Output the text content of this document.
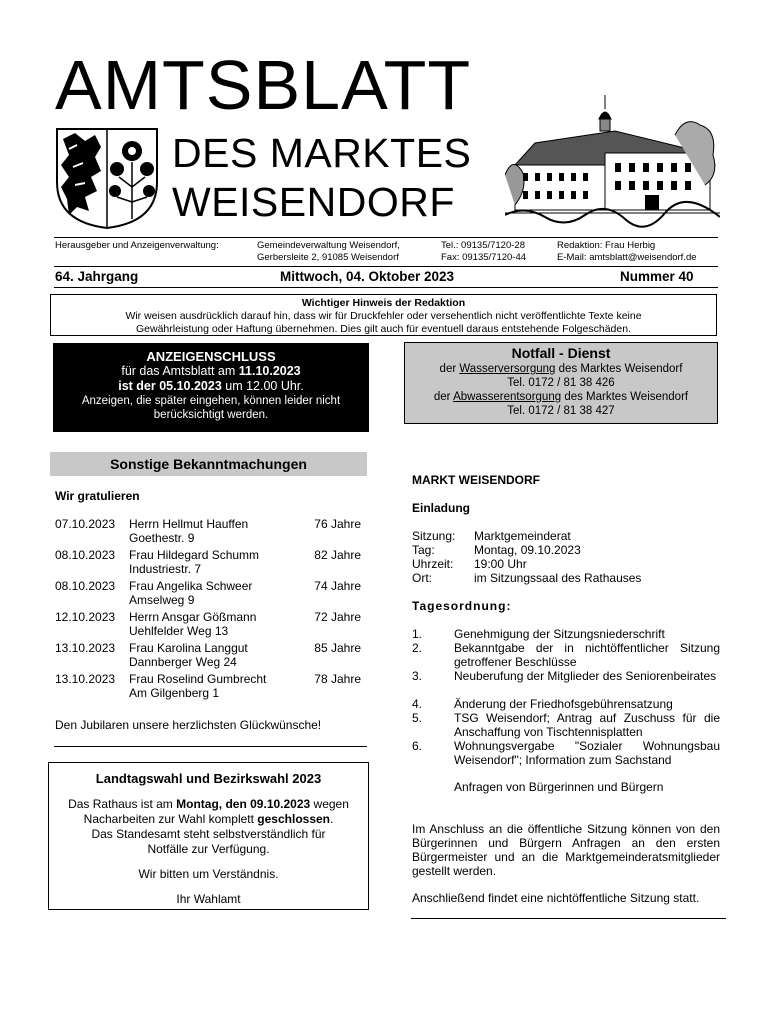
AMTSBLATT
DES MARKTES
WEISENDORF
Herausgeber und Anzeigenverwaltung:	Gemeindeverwaltung Weisendorf,
Gerbersleite 2, 91085 Weisendorf
Tel.: 09135/7120-28
Fax: 09135/7120-44
Redaktion: Frau Herbig
E-Mail: amtsblatt@weisendorf.de
64. Jahrgang	Mittwoch, 04. Oktober 2023	Nummer 40
Wichtiger Hinweis der Redaktion
Wir weisen ausdrücklich darauf hin, dass wir für Druckfehler oder versehentlich nicht veröffentlichte Texte keine
Gewährleistung oder Haftung übernehmen. Dies gilt auch für eventuell daraus entstehende Folgeschäden.
ANZEIGENSCHLUSS
für das Amtsblatt am 11.10.2023
ist der 05.10.2023 um 12.00 Uhr.
Anzeigen, die später eingehen, können leider nicht
berücksichtigt werden.
Notfall - Dienst
der Wasserversorgung des Marktes Weisendorf
Tel. 0172 / 81 38 426
der Abwasserentsorgung des Marktes Weisendorf
Tel. 0172 / 81 38 427
Sonstige Bekanntmachungen
Wir gratulieren
07.10.2023 Herrn Hellmut Hauffen
Goethestr. 9
76 Jahre
08.10.2023 Frau Hildegard Schumm
Industriestr. 7
82 Jahre
08.10.2023 Frau Angelika Schweer
Amselweg 9
74 Jahre
12.10.2023 Herrn Ansgar Gößmann
Uehlfelder Weg 13
72 Jahre
13.10.2023 Frau Karolina Langgut
Dannberger Weg 24
85 Jahre
13.10.2023 Frau Roselind Gumbrecht
Am Gilgenberg 1
78 Jahre
Den Jubilaren unsere herzlichsten Glückwünsche!
Landtagswahl und Bezirkswahl 2023
Das Rathaus ist am Montag, den 09.10.2023 wegen
Nacharbeiten zur Wahl komplett geschlossen.
Das Standesamt steht selbstverständlich für
Notfälle zur Verfügung.
Wir bitten um Verständnis.
Ihr Wahlamt
MARKT WEISENDORF
Einladung
Sitzung: Marktgemeinderat
Tag:	Montag, 09.10.2023
Uhrzeit: 19:00 Uhr
Ort:	im Sitzungssaal des Rathauses
Tagesordnung:
1.	Genehmigung der Sitzungsniederschrift
2.	Bekanntgabe der in nichtöffentlicher Sitzung getroffener Beschlüsse
3.	Neuberufung der Mitglieder des Seniorenbeirates
4.	Änderung der Friedhofsgebührensatzung
5.	TSG Weisendorf; Antrag auf Zuschuss für die Anschaffung von Tischtennisplatten
6.	Wohnungsvergabe "Sozialer Wohnungsbau Weisendorf"; Information zum Sachstand
Anfragen von Bürgerinnen und Bürgern
Im Anschluss an die öffentliche Sitzung können von den Bürgerinnen und Bürgern Anfragen an den ersten Bürgermeister und an die Marktgemeinderatsmitglieder gestellt werden.
Anschließend findet eine nichtöffentliche Sitzung statt.
